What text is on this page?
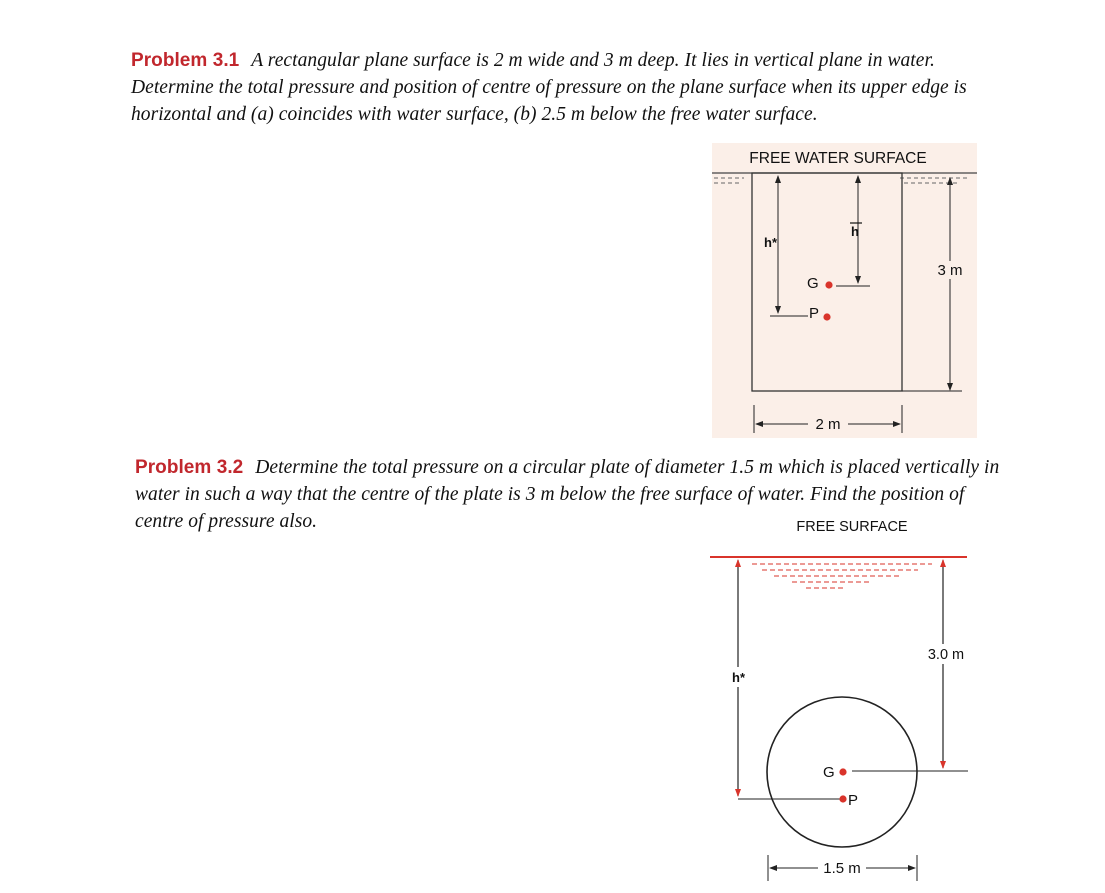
Problem 3.1 A rectangular plane surface is 2 m wide and 3 m deep. It lies in vertical plane in water. Determine the total pressure and position of centre of pressure on the plane surface when its upper edge is horizontal and (a) coincides with water surface, (b) 2.5 m below the free water surface.

Problem 3.2 Determine the total pressure on a circular plate of diameter 1.5 m which is placed vertically in water in such a way that the centre of the plate is 3 m below the free surface of water. Find the position of centre of pressure also.

FREE WATER SURFACE
h*
h
G
P
3 m
2 m
FREE SURFACE
h*
3.0 m
G
P
1.5 m
